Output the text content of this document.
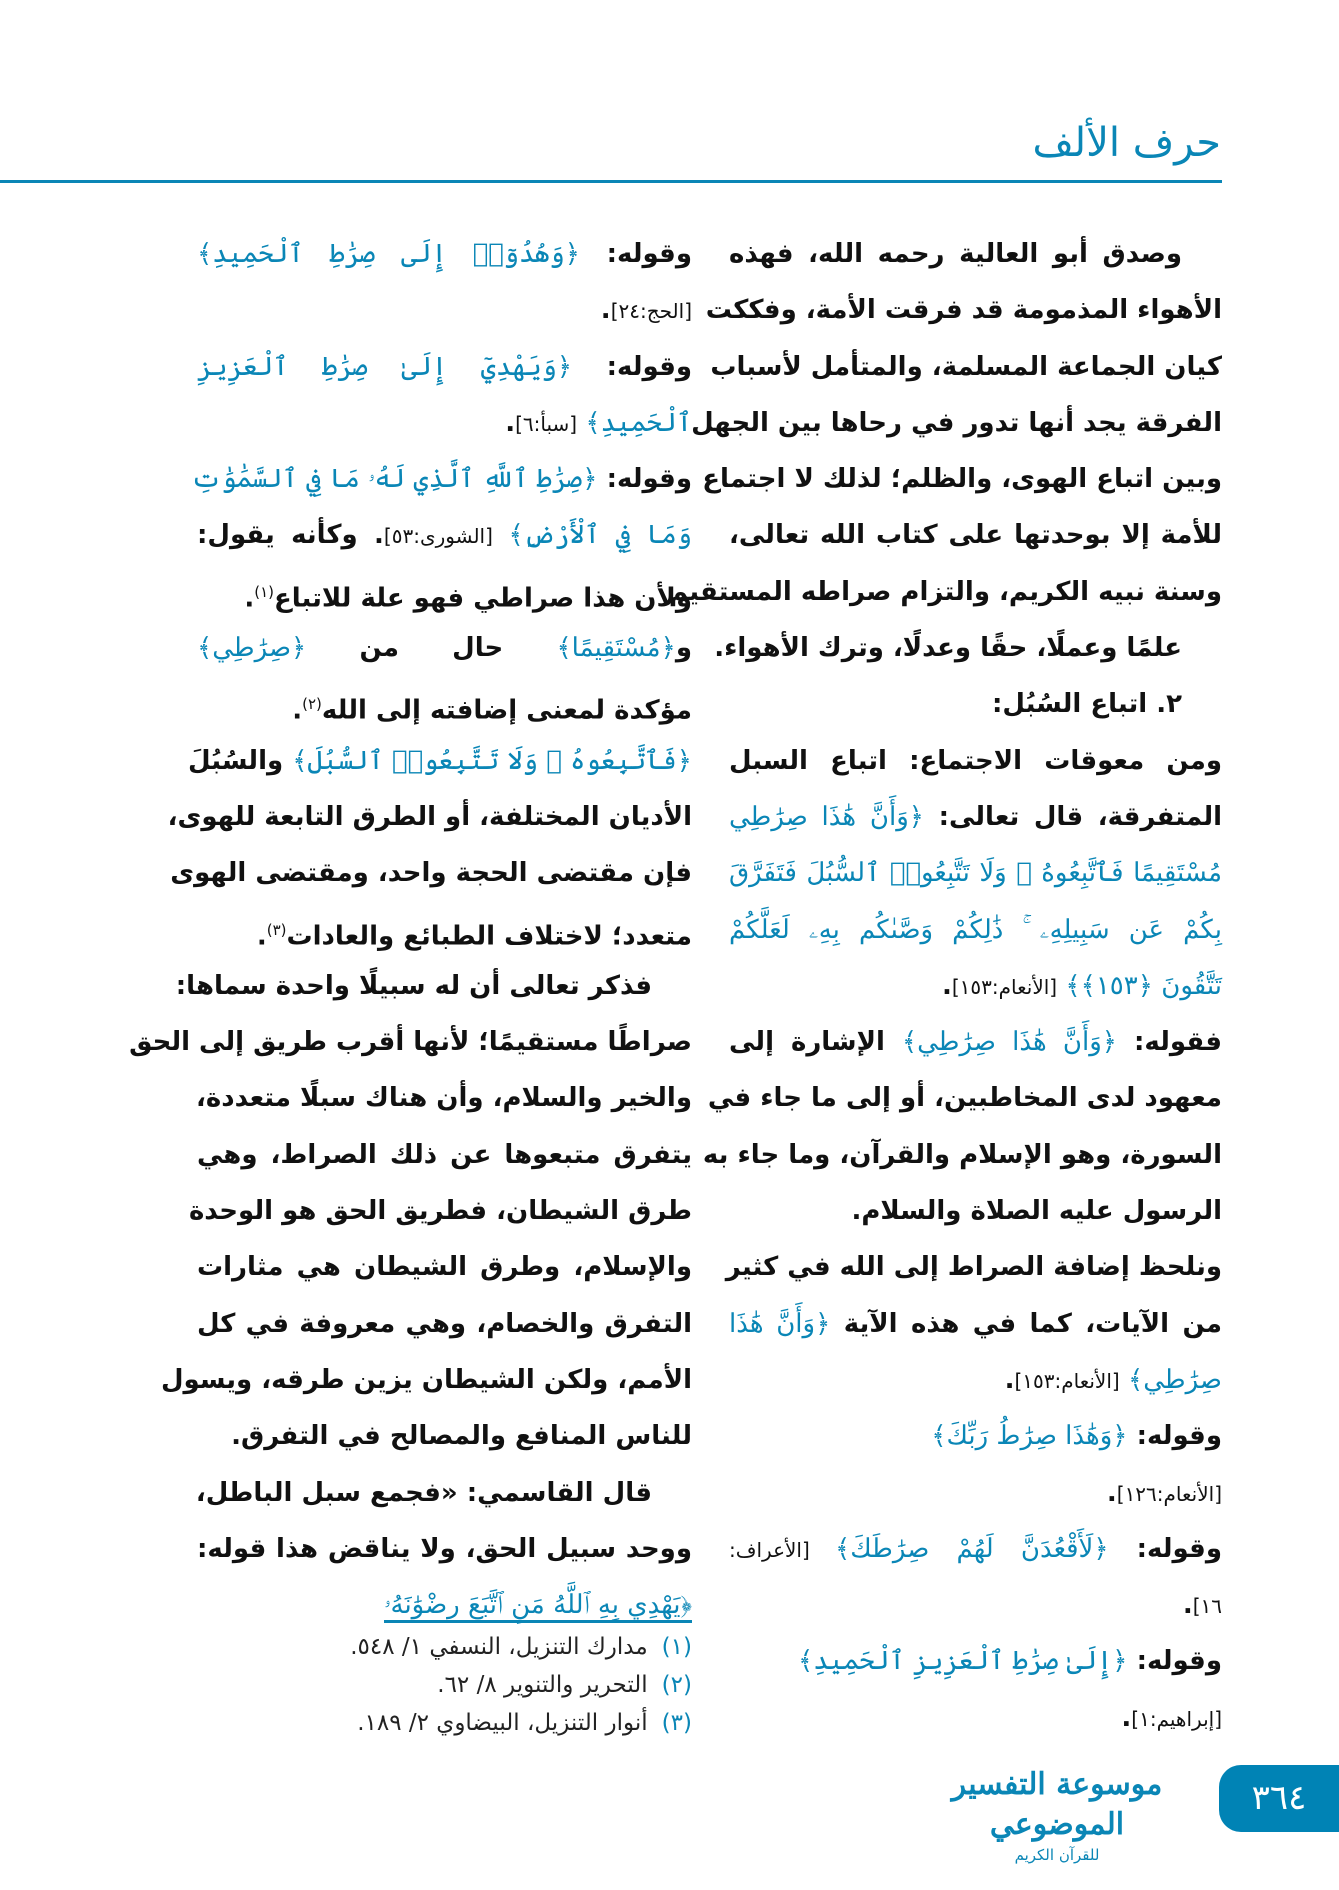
حرف الألف
وصدق أبو العالية رحمه الله، فهذه
الأهواء المذمومة قد فرقت الأمة، وفككت
كيان الجماعة المسلمة، والمتأمل لأسباب
الفرقة يجد أنها تدور في رحاها بين الجهل
وبين اتباع الهوى، والظلم؛ لذلك لا اجتماع
للأمة إلا بوحدتها على كتاب الله تعالى،
وسنة نبيه الكريم، والتزام صراطه المستقيم
علمًا وعملًا، حقًا وعدلًا، وترك الأهواء.
٢. اتباع السُبُل:
ومن معوقات الاجتماع: اتباع السبل
المتفرقة، قال تعالى: ﴿وَأَنَّ هَٰذَا صِرَٰطِي
مُسْتَقِيمًا فَٱتَّبِعُوهُ ۖ وَلَا تَتَّبِعُوا۟ ٱلسُّبُلَ فَتَفَرَّقَ
بِكُمْ عَن سَبِيلِهِۦ ۚ ذَٰلِكُمْ وَصَّىٰكُم بِهِۦ لَعَلَّكُمْ
تَتَّقُونَ ﴿١٥٣﴾﴾ [الأنعام:١٥٣].
فقوله: ﴿وَأَنَّ هَٰذَا صِرَٰطِي﴾ الإشارة إلى
معهود لدى المخاطبين، أو إلى ما جاء في
السورة، وهو الإسلام والقرآن، وما جاء به
الرسول عليه الصلاة والسلام.
ونلحظ إضافة الصراط إلى الله في كثير
من الآيات، كما في هذه الآية ﴿وَأَنَّ هَٰذَا
صِرَٰطِي﴾ [الأنعام:١٥٣].
وقوله: ﴿وَهَٰذَا صِرَٰطُ رَبِّكَ﴾
[الأنعام:١٢٦].
وقوله: ﴿لَأَقْعُدَنَّ لَهُمْ صِرَٰطَكَ﴾ [الأعراف:
١٦].
وقوله: ﴿إِلَىٰ صِرَٰطِ ٱلْعَزِيزِ ٱلْحَمِيدِ﴾
[إبراهيم:١].
وقوله: ﴿وَهُدُوٓا۟ إِلَى صِرَٰطِ ٱلْحَمِيدِ﴾
[الحج:٢٤].
وقوله: ﴿وَيَهْدِيٓ إِلَىٰ صِرَٰطِ ٱلْعَزِيزِ
ٱلْحَمِيدِ﴾ [سبأ:٦].
وقوله: ﴿صِرَٰطِ ٱللَّهِ ٱلَّذِي لَهُۥ مَا فِي ٱلسَّمَٰوَٰتِ
وَمَا فِي ٱلْأَرْضِ﴾ [الشورى:٥٣]. وكأنه يقول:
ولأن هذا صراطي فهو علة للاتباع$^{(١)}$.
و﴿مُسْتَقِيمًا﴾ حال من ﴿صِرَٰطِي﴾
مؤكدة لمعنى إضافته إلى الله$^{(٢)}$.
﴿فَٱتَّبِعُوهُ ۖ وَلَا تَتَّبِعُوا۟ ٱلسُّبُلَ﴾ والسُبُلَ
الأديان المختلفة، أو الطرق التابعة للهوى،
فإن مقتضى الحجة واحد، ومقتضى الهوى
متعدد؛ لاختلاف الطبائع والعادات$^{(٣)}$.
فذكر تعالى أن له سبيلًا واحدة سماها:
صراطًا مستقيمًا؛ لأنها أقرب طريق إلى الحق
والخير والسلام، وأن هناك سبلًا متعددة،
يتفرق متبعوها عن ذلك الصراط، وهي
طرق الشيطان، فطريق الحق هو الوحدة
والإسلام، وطرق الشيطان هي مثارات
التفرق والخصام، وهي معروفة في كل
الأمم، ولكن الشيطان يزين طرقه، ويسول
للناس المنافع والمصالح في التفرق.
قال القاسمي: «فجمع سبل الباطل،
ووحد سبيل الحق، ولا يناقض هذا قوله:
﴿يَهْدِي بِهِ ٱللَّهُ مَنِ ٱتَّبَعَ رِضْوَٰنَهُۥ
(١)مدارك التنزيل، النسفي ١/ ٥٤٨.
(٢)التحرير والتنوير ٨/ ٦٢.
(٣)أنوار التنزيل، البيضاوي ٢/ ١٨٩.
موسوعة التفسير الموضوعي
للقرآن الكريم
٣٦٤
